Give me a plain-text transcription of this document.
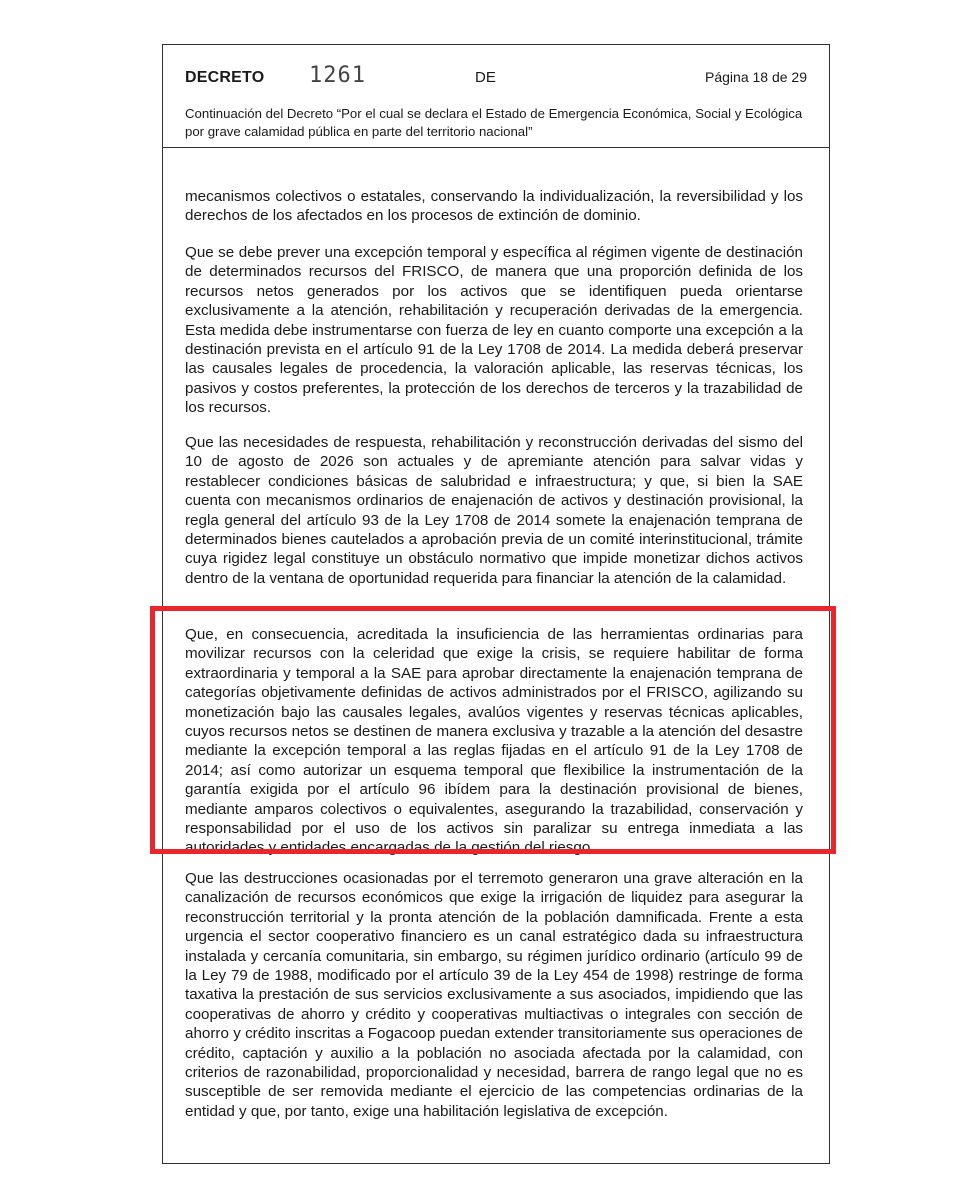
DECRETO 1261	DE	Página 18 de 29
Continuación del Decreto “Por el cual se declara el Estado de Emergencia Económica, Social y Ecológica por grave calamidad pública en parte del territorio nacional”

mecanismos colectivos o estatales, conservando la individualización, la reversibilidad y los derechos de los afectados en los procesos de extinción de dominio.

Que se debe prever una excepción temporal y específica al régimen vigente de destinación de determinados recursos del FRISCO, de manera que una proporción definida de los recursos netos generados por los activos que se identifiquen pueda orientarse exclusivamente a la atención, rehabilitación y recuperación derivadas de la emergencia. Esta medida debe instrumentarse con fuerza de ley en cuanto comporte una excepción a la destinación prevista en el artículo 91 de la Ley 1708 de 2014. La medida deberá preservar las causales legales de procedencia, la valoración aplicable, las reservas técnicas, los pasivos y costos preferentes, la protección de los derechos de terceros y la trazabilidad de los recursos.

Que las necesidades de respuesta, rehabilitación y reconstrucción derivadas del sismo del 10 de agosto de 2026 son actuales y de apremiante atención para salvar vidas y restablecer condiciones básicas de salubridad e infraestructura; y que, si bien la SAE cuenta con mecanismos ordinarios de enajenación de activos y destinación provisional, la regla general del artículo 93 de la Ley 1708 de 2014 somete la enajenación temprana de determinados bienes cautelados a aprobación previa de un comité interinstitucional, trámite cuya rigidez legal constituye un obstáculo normativo que impide monetizar dichos activos dentro de la ventana de oportunidad requerida para financiar la atención de la calamidad.

Que, en consecuencia, acreditada la insuficiencia de las herramientas ordinarias para movilizar recursos con la celeridad que exige la crisis, se requiere habilitar de forma extraordinaria y temporal a la SAE para aprobar directamente la enajenación temprana de categorías objetivamente definidas de activos administrados por el FRISCO, agilizando su monetización bajo las causales legales, avalúos vigentes y reservas técnicas aplicables, cuyos recursos netos se destinen de manera exclusiva y trazable a la atención del desastre mediante la excepción temporal a las reglas fijadas en el artículo 91 de la Ley 1708 de 2014; así como autorizar un esquema temporal que flexibilice la instrumentación de la garantía exigida por el artículo 96 ibídem para la destinación provisional de bienes, mediante amparos colectivos o equivalentes, asegurando la trazabilidad, conservación y responsabilidad por el uso de los activos sin paralizar su entrega inmediata a las autoridades y entidades encargadas de la gestión del riesgo.

Que las destrucciones ocasionadas por el terremoto generaron una grave alteración en la canalización de recursos económicos que exige la irrigación de liquidez para asegurar la reconstrucción territorial y la pronta atención de la población damnificada. Frente a esta urgencia el sector cooperativo financiero es un canal estratégico dada su infraestructura instalada y cercanía comunitaria, sin embargo, su régimen jurídico ordinario (artículo 99 de la Ley 79 de 1988, modificado por el artículo 39 de la Ley 454 de 1998) restringe de forma taxativa la prestación de sus servicios exclusivamente a sus asociados, impidiendo que las cooperativas de ahorro y crédito y cooperativas multiactivas o integrales con sección de ahorro y crédito inscritas a Fogacoop puedan extender transitoriamente sus operaciones de crédito, captación y auxilio a la población no asociada afectada por la calamidad, con criterios de razonabilidad, proporcionalidad y necesidad, barrera de rango legal que no es susceptible de ser removida mediante el ejercicio de las competencias ordinarias de la entidad y que, por tanto, exige una habilitación legislativa de excepción.
